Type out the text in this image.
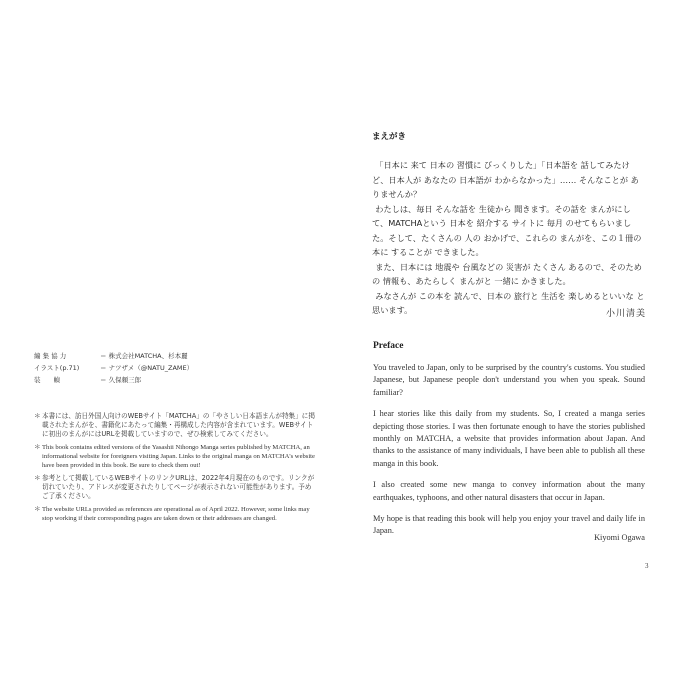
編 集 協 力	＝ 株式会社MATCHA、杉本麗
イラスト(p.71)	＝ ナツザメ（@NATU_ZAME）
装　　幀	＝ 久保頼三郎
＊ 本書には、訪日外国人向けのWEBサイト「MATCHA」の「やさしい日本語まんが特集」に掲載されたまんがを、書籍化にあたって編集・再構成した内容が含まれています。WEBサイトに初出のまんがにはURLを掲載していますので、ぜひ検索してみてください。
＊ This book contains edited versions of the Yasashii Nihongo Manga series published by MATCHA, an informational website for foreigners visiting Japan. Links to the original manga on MATCHA's website have been provided in this book. Be sure to check them out!
＊ 参考として掲載しているWEBサイトのリンクURLは、2022年4月現在のものです。リンクが切れていたり、アドレスが変更されたりしてページが表示されない可能性があります。予めご了承ください。
＊ The website URLs provided as references are operational as of April 2022. However, some links may stop working if their corresponding pages are taken down or their addresses are changed.
まえがき

「日本に 来て 日本の 習慣に びっくりした」「日本語を 話してみたけど、日本人が あなたの 日本語が わからなかった」…… そんなことが ありませんか？

わたしは、毎日 そんな話を 生徒から 聞きます。その話を まんがにして、MATCHAという 日本を 紹介する サイトに 毎月 のせてもらいました。そして、たくさんの 人の おかげで、これらの まんがを、この１冊の 本に することが できました。

また、日本には 地震や 台風などの 災害が たくさん あるので、そのための 情報も、あたらしく まんがと 一緒に かきました。

みなさんが この本を 読んで、日本の 旅行と 生活を 楽しめるといいな と思います。	小川清美
Preface

You traveled to Japan, only to be surprised by the country's customs. You studied Japanese, but Japanese people don't understand you when you speak. Sound familiar?

I hear stories like this daily from my students. So, I created a manga series depicting those stories. I was then fortunate enough to have the stories published monthly on MATCHA, a website that provides information about Japan. And thanks to the assistance of many individuals, I have been able to publish all these manga in this book.

I also created some new manga to convey information about the many earthquakes, typhoons, and other natural disasters that occur in Japan.

My hope is that reading this book will help you enjoy your travel and daily life in Japan.

Kiyomi Ogawa
3
